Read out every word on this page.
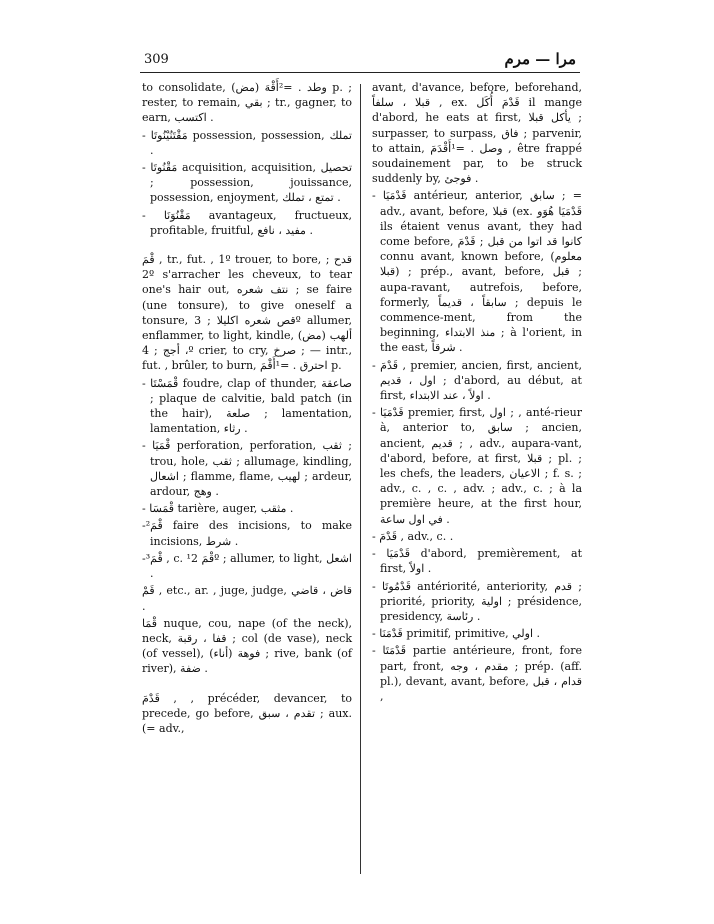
309	مرا — مرم

to consolidate, (مض) وطد . =²أَقْهَ p. ; rester, to remain, بقي ; tr., gagner, to earn, اكتسب .

- مَقْتَنُيْنُوتَا possession, possession, تملك .

- مَقْنُوتَا acquisition, acquisition, تحصيل ; possession, jouissance, possession, enjoyment, تمتع ، تملك .

- مَقْنُوَنَا avantageux, fructueux, profitable, fruitful, مفيد ، نافع .

قْمَ , tr., fut. , 1º trouer, to bore, قدح ; 2º s'arracher les cheveux, to tear one's hair out, نتف شعره ; se faire (une tonsure), to give oneself a tonsure, قص شعره اكليلا ; 3º allumer, enflammer, to light, kindle, (مض) ألهب ، أجج ; 4º crier, to cry, صرخ ; — intr., fut. , brûler, to burn, احترق . =¹أَقْمَ p.

- قْمَسْتَا foudre, clap of thunder, صاعقة ; plaque de calvitie, bald patch (in the hair), صلعة ; lamentation, lamentation, رثاء .

- قْمَيَا perforation, perforation, ثقب ; trou, hole, ثقب ; allumage, kindling, اشعال ; flamme, flame, لهيب ; ardeur, ardour, وهج .

- قْمَسَا tarière, auger, مثقب .

-²قْمَ faire des incisions, to make incisions, شرط .

-³قْمَ , c. ¹قْمَ 2º ; allumer, to light, اشعل .

قَمْ , etc., ar. , juge, judge, قاض ، قاضي .

قْمَا nuque, cou, nape (of the neck), neck, قفا ، رقبة ; col (de vase), neck (of vessel), فوهة (أناء) ; rive, bank (of river), ضفة .

قَدْمَ , , précéder, devancer, to precede, go before, تقدم ، سبق ; aux. (= adv.,

avant, d'avance, before, beforehand, قبلا ، سلفاً , ex. قَدْمَ أُكَل il mange d'abord, he eats at first, يأكل قبلا ; surpasser, to surpass, فاق ; parvenir, to attain, وصل . =¹أَقْدَمَ , être frappé soudainement par, to be struck suddenly by, فوجئ .

- قَدْمَيَا antérieur, anterior, سابق ; = adv., avant, before, قبلا (ex. قَدْمَيَا هُوَو ils étaient venus avant, they had come before, كانوا قد اتوا من قبل ; قَدْمَ connu avant, known before, (معلوم قبلا) ; prép., avant, before, قبل ; aupa-ravant, autrefois, before, formerly, سابقاً ، قديماً ; depuis le commence-ment, from the beginning, منذ الابتداء ; à l'orient, in the east, شرقاً .

- قَدْمَ , premier, ancien, first, ancient, اول ، قديم ; d'abord, au début, at first, اولاً ، عند الابتداء .

- قَدْمَيَا premier, first, اول ; , anté-rieur à, anterior to, سابق ; ancien, ancient, قديم ; , adv., aupara-vant, d'abord, before, at first, قبلا ; pl. ; les chefs, the leaders, الاعيان ; f. s. ; adv., c. , c. , adv. ; adv., c. ; à la première heure, at the first hour, في اول ساعة .

- قَدْمَ , adv., c. .

- قَدْمَيَا d'abord, premièrement, at first, اولاً .

- قَدْمُوتَا antériorité, anteriority, قدم ; priorité, priority, اولية ; présidence, presidency, رئاسة .

- قَدْمَنَا primitif, primitive, اولي .

- قَدْمَتَا partie antérieure, front, fore part, front, مقدم ، وجه ; prép. (aff. pl.), devant, avant, before, قدام ، قبل ,
